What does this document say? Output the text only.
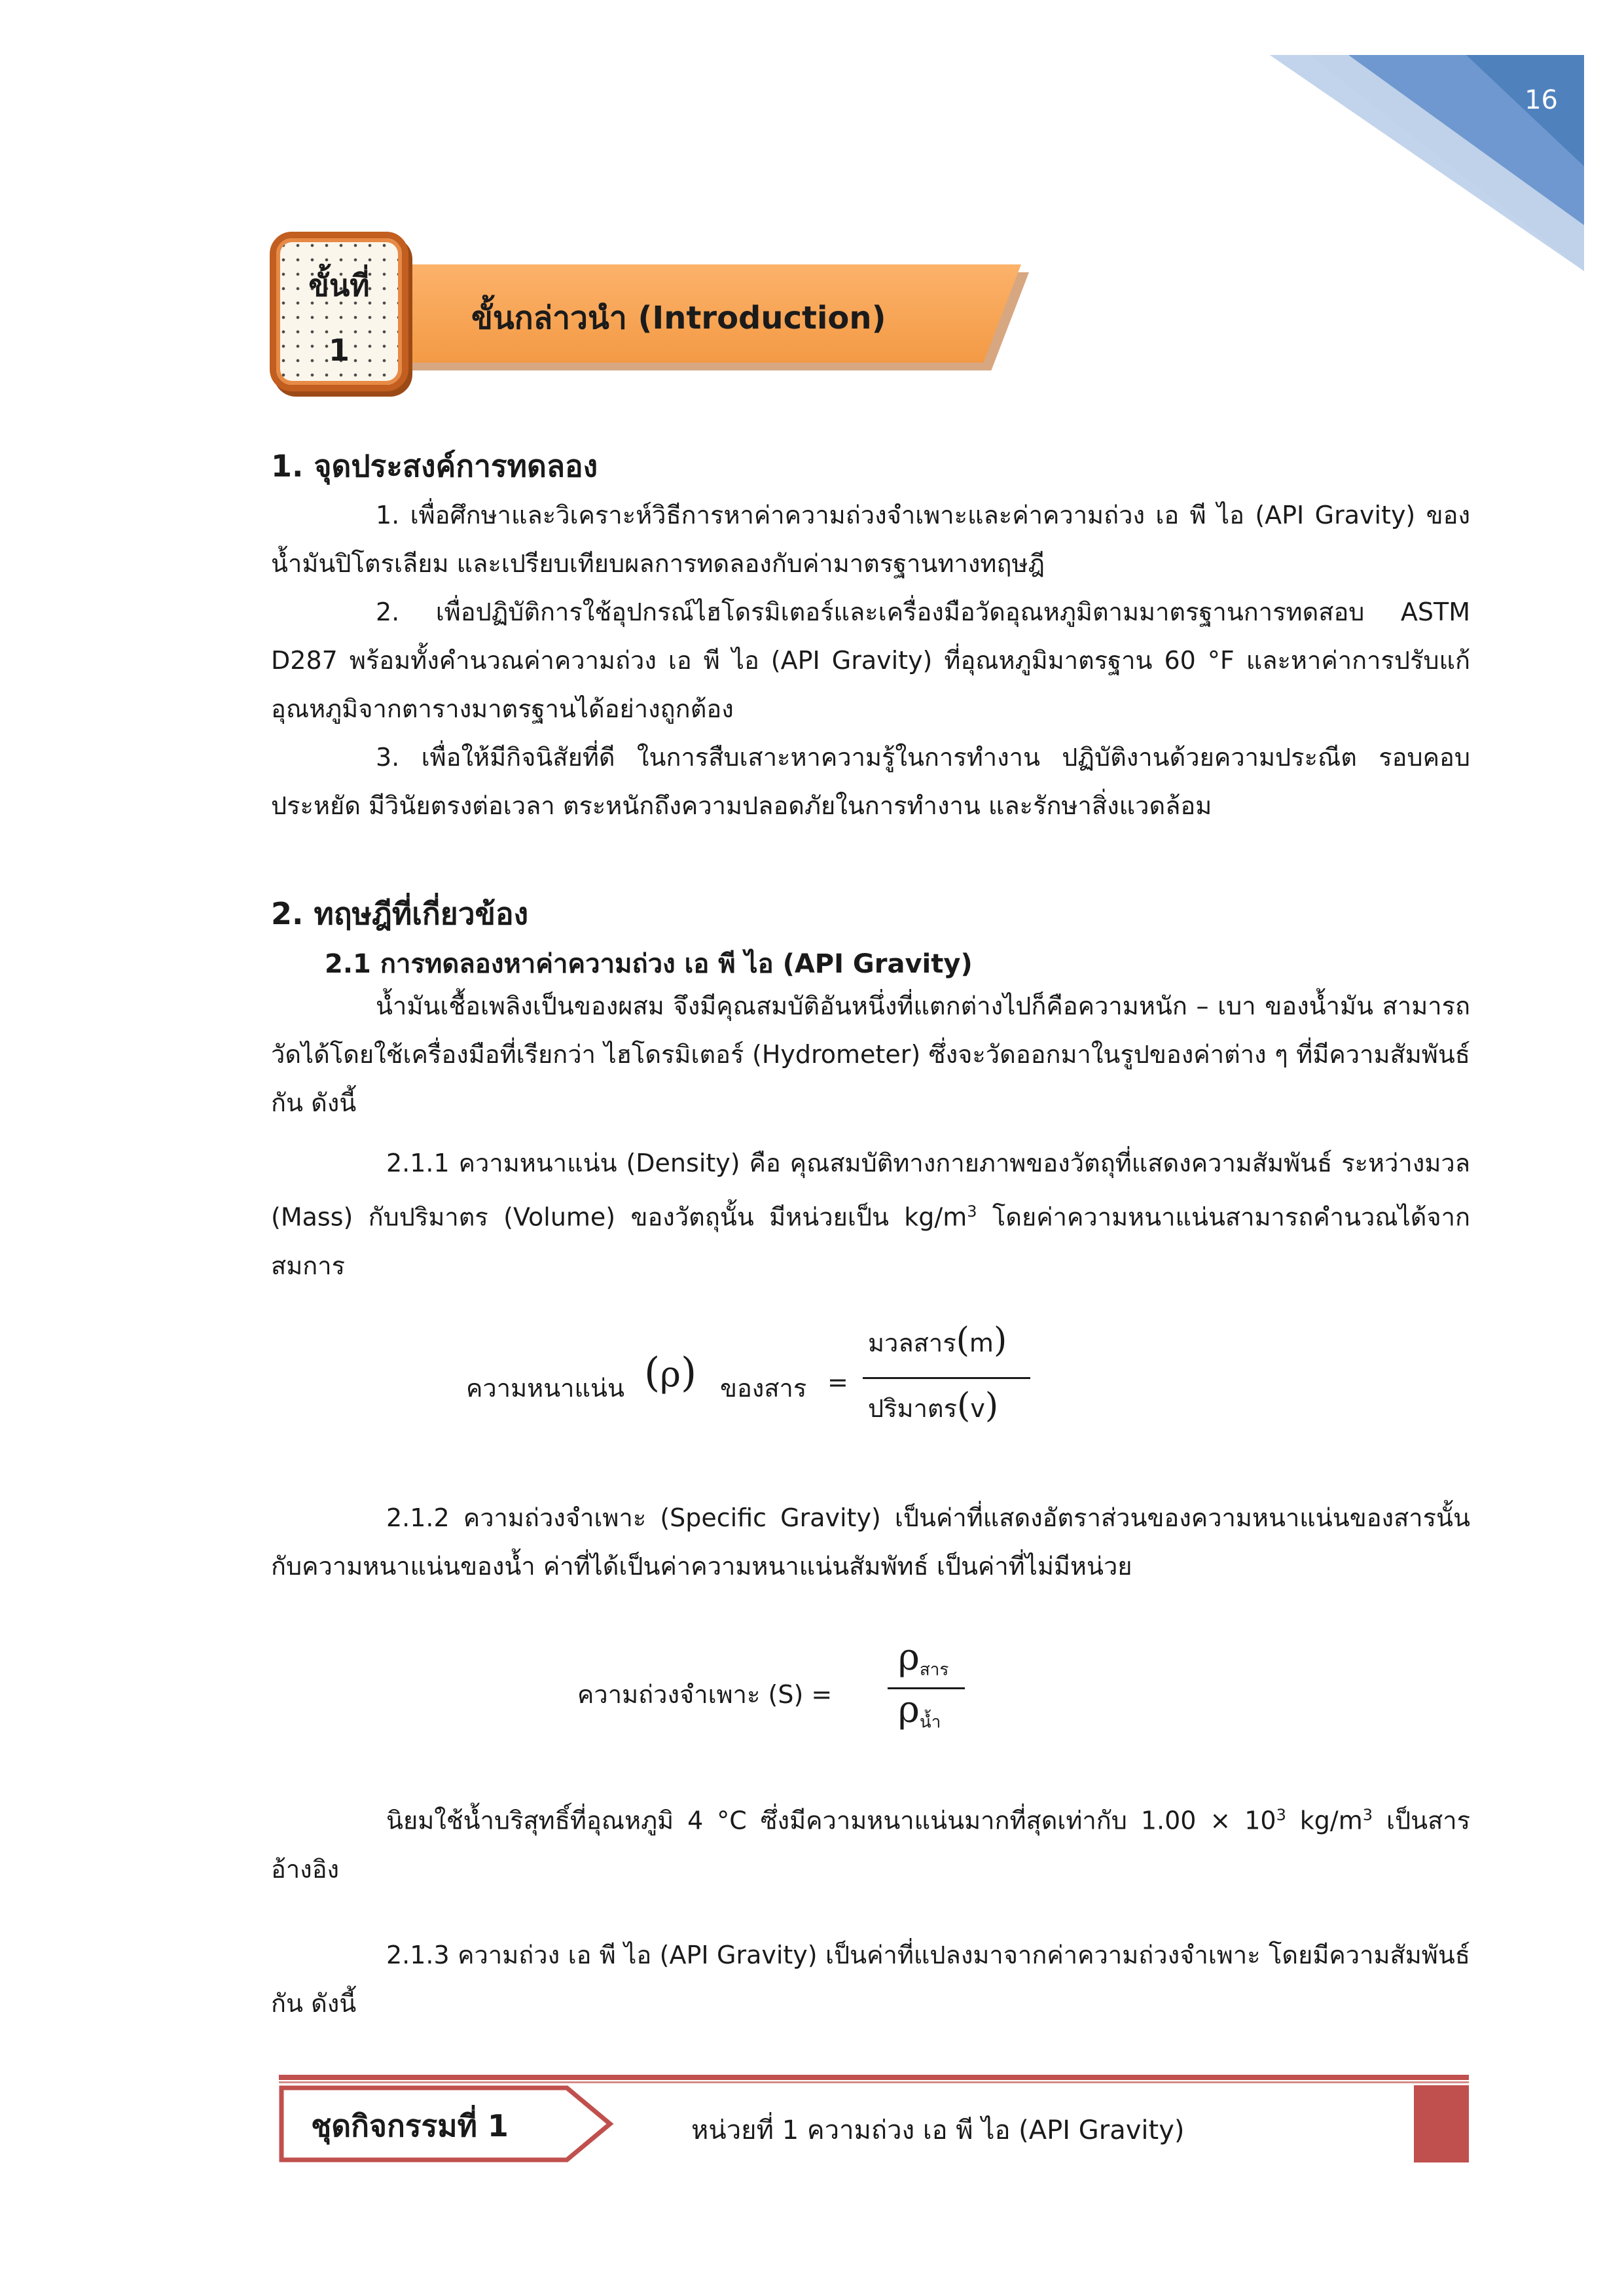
16
ขั้นกล่าวนำ (Introduction)
ขั้นที่
1
1. จุดประสงค์การทดลอง
1. เพื่อศึกษาและวิเคราะห์วิธีการหาค่าความถ่วงจำเพาะและค่าความถ่วง เอ พี ไอ (API Gravity) ของน้ำมันปิโตรเลียม และเปรียบเทียบผลการทดลองกับค่ามาตรฐานทางทฤษฎี
2. เพื่อปฏิบัติการใช้อุปกรณ์ไฮโดรมิเตอร์และเครื่องมือวัดอุณหภูมิตามมาตรฐานการทดสอบ ASTM D287 พร้อมทั้งคำนวณค่าความถ่วง เอ พี ไอ (API Gravity) ที่อุณหภูมิมาตรฐาน 60 °F และหาค่าการปรับแก้อุณหภูมิจากตารางมาตรฐานได้อย่างถูกต้อง
3. เพื่อให้มีกิจนิสัยที่ดี ในการสืบเสาะหาความรู้ในการทำงาน ปฏิบัติงานด้วยความประณีต รอบคอบประหยัด มีวินัยตรงต่อเวลา ตระหนักถึงความปลอดภัยในการทำงาน และรักษาสิ่งแวดล้อม
2. ทฤษฎีที่เกี่ยวข้อง
2.1 การทดลองหาค่าความถ่วง เอ พี ไอ (API Gravity)
น้ำมันเชื้อเพลิงเป็นของผสม จึงมีคุณสมบัติอันหนึ่งที่แตกต่างไปก็คือความหนัก – เบา ของน้ำมัน สามารถวัดได้โดยใช้เครื่องมือที่เรียกว่า ไฮโดรมิเตอร์ (Hydrometer) ซึ่งจะวัดออกมาในรูปของค่าต่าง ๆ ที่มีความสัมพันธ์กัน ดังนี้
2.1.1 ความหนาแน่น (Density) คือ คุณสมบัติทางกายภาพของวัตถุที่แสดงความสัมพันธ์ ระหว่างมวล (Mass) กับปริมาตร (Volume) ของวัตถุนั้น มีหน่วยเป็น $kg/m^3$ โดยค่าความหนาแน่นสามารถคำนวณได้จากสมการ
ความหนาแน่น (ρ) ของสาร =
มวลสาร(m)
ปริมาตร(v)
2.1.2 ความถ่วงจำเพาะ (Specific Gravity) เป็นค่าที่แสดงอัตราส่วนของความหนาแน่นของสารนั้น กับความหนาแน่นของน้ำ ค่าที่ได้เป็นค่าความหนาแน่นสัมพัทธ์ เป็นค่าที่ไม่มีหน่วย
ความถ่วงจำเพาะ (S) =
$\rho_{สาร}$
$\rho_{น้ำ}$
นิยมใช้น้ำบริสุทธิ์ที่อุณหภูมิ 4 °C ซึ่งมีความหนาแน่นมากที่สุดเท่ากับ $1.00 \times 10^3$ $kg/m^3$ เป็นสารอ้างอิง
2.1.3 ความถ่วง เอ พี ไอ (API Gravity) เป็นค่าที่แปลงมาจากค่าความถ่วงจำเพาะ โดยมีความสัมพันธ์กัน ดังนี้
ชุดกิจกรรมที่ 1	หน่วยที่ 1 ความถ่วง เอ พี ไอ (API Gravity)
